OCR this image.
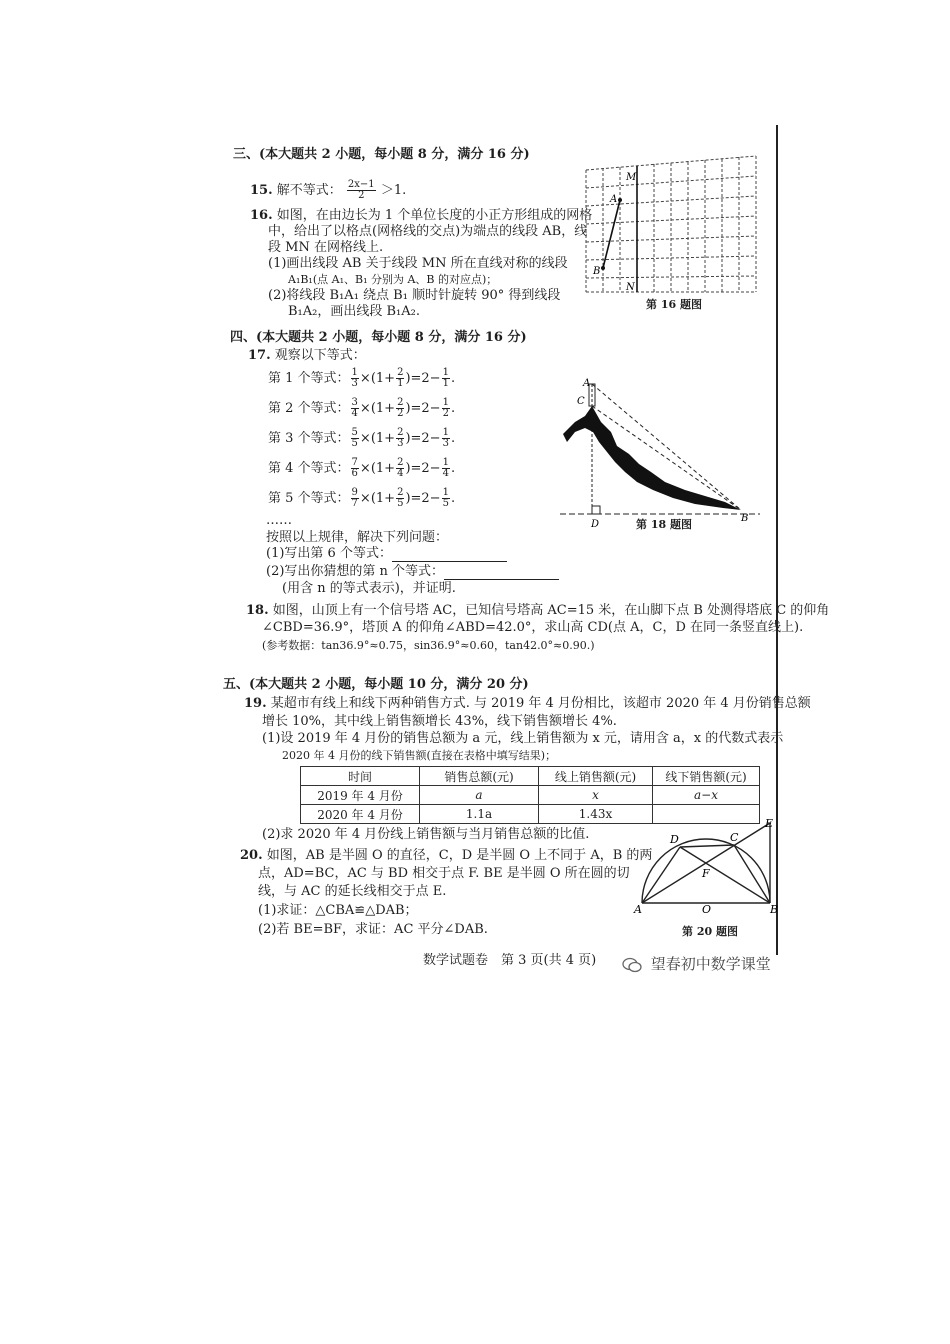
三、(本大题共 2 小题，每小题 8 分，满分 16 分)
15. 解不等式： $\frac{2x-1}{2} >1$.
16. 如图，在由边长为 1 个单位长度的小正方形组成的网格
中，给出了以格点(网格线的交点)为端点的线段 AB，线
段 MN 在网格线上.
(1)画出线段 AB 关于线段 MN 所在直线对称的线段
A₁B₁(点 A₁、B₁ 分别为 A、B 的对应点)；
(2)将线段 B₁A₁ 绕点 B₁ 顺时针旋转 90° 得到线段
B₁A₂，画出线段 B₁A₂.
M
N
A
B
第 16 题图
四、(本大题共 2 小题，每小题 8 分，满分 16 分)
17. 观察以下等式：
第 1 个等式： $\frac{1}{3} \times(1+ \frac{2}{1} )=2- \frac{1}{1}$ .
第 2 个等式： $\frac{3}{4} \times(1+ \frac{2}{2} )=2- \frac{1}{2}$ .
第 3 个等式： $\frac{5}{5} \times(1+ \frac{2}{3} )=2- \frac{1}{3}$ .
第 4 个等式： $\frac{7}{6} \times(1+ \frac{2}{4} )=2- \frac{1}{4}$ .
第 5 个等式： $\frac{9}{7} \times(1+ \frac{2}{5} )=2- \frac{1}{5}$ .
……
按照以上规律，解决下列问题：
(1)写出第 6 个等式：
(2)写出你猜想的第 n 个等式：
(用含 n 的等式表示)，并证明.
A
C
D
B
第 18 题图
18. 如图，山顶上有一个信号塔 AC，已知信号塔高 AC=15 米，在山脚下点 B 处测得塔底 C 的仰角
∠CBD=36.9°，塔顶 A 的仰角∠ABD=42.0°，求山高 CD(点 A，C，D 在同一条竖直线上).
(参考数据：tan36.9°≈0.75，sin36.9°≈0.60，tan42.0°≈0.90.)
五、(本大题共 2 小题，每小题 10 分，满分 20 分)
19. 某超市有线上和线下两种销售方式. 与 2019 年 4 月份相比，该超市 2020 年 4 月份销售总额
增长 10%，其中线上销售额增长 43%，线下销售额增长 4%.
(1)设 2019 年 4 月份的销售总额为 a 元，线上销售额为 x 元，请用含 a，x 的代数式表示
2020 年 4 月份的线下销售额(直接在表格中填写结果)；
时间	销售总额(元)	线上销售额(元)	线下销售额(元)
2019 年 4 月份	a	x	a−x
2020 年 4 月份	1.1a	1.43x	
(2)求 2020 年 4 月份线上销售额与当月销售总额的比值.
20. 如图，AB 是半圆 O 的直径，C，D 是半圆 O 上不同于 A，B 的两
点，AD=BC，AC 与 BD 相交于点 F. BE 是半圆 O 所在圆的切
线，与 AC 的延长线相交于点 E.
(1)求证：△CBA≌△DAB；
(2)若 BE=BF，求证：AC 平分∠DAB.
A	B
C
D
E
F
O
第 20 题图
数学试题卷　第 3 页(共 4 页)	望春初中数学课堂
